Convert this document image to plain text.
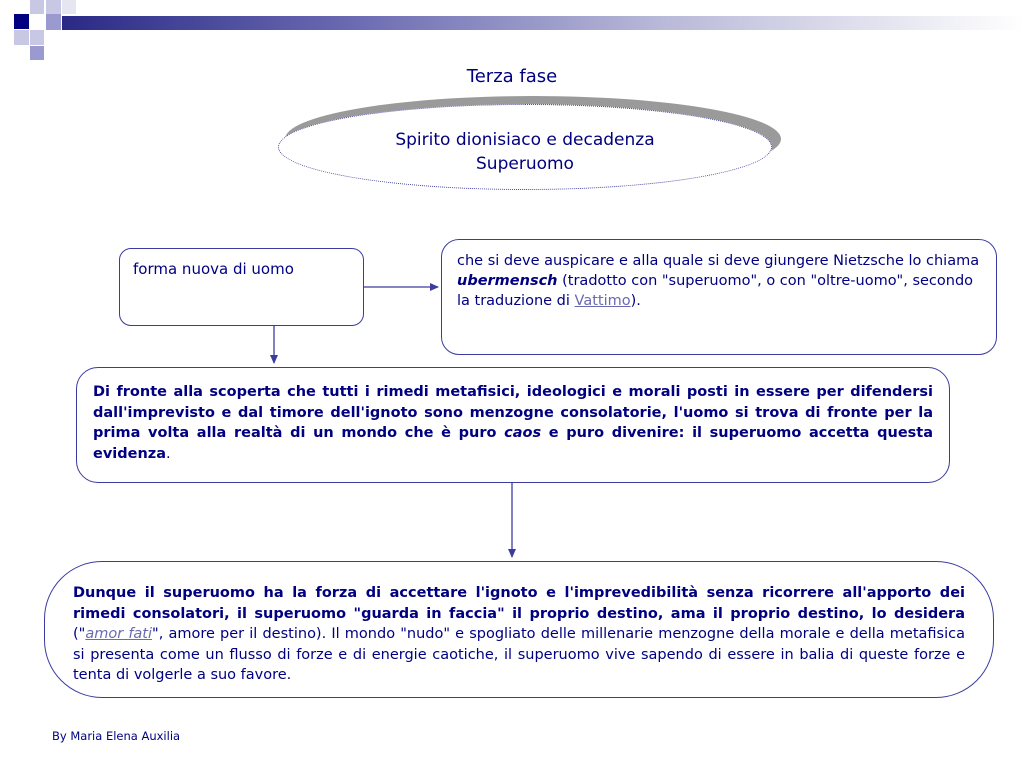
Terza fase
Spirito dionisiaco e decadenza
Superuomo
forma nuova di uomo	che si deve auspicare e alla quale si deve giungere Nietzsche lo chiama ubermensch (tradotto con "superuomo", o con "oltre-uomo", secondo la traduzione di Vattimo).
Di fronte alla scoperta che tutti i rimedi metafisici, ideologici e morali posti in essere per difendersi dall'imprevisto e dal timore dell'ignoto sono menzogne consolatorie, l'uomo si trova di fronte per la prima volta alla realtà di un mondo che è puro caos e puro divenire: il superuomo accetta questa evidenza.
Dunque il superuomo ha la forza di accettare l'ignoto e l'imprevedibilità senza ricorrere all'apporto dei rimedi consolatori, il superuomo "guarda in faccia" il proprio destino, ama il proprio destino, lo desidera ("amor fati", amore per il destino). Il mondo "nudo" e spogliato delle millenarie menzogne della morale e della metafisica si presenta come un flusso di forze e di energie caotiche, il superuomo vive sapendo di essere in balia di queste forze e tenta di volgerle a suo favore.
By Maria Elena Auxilia
